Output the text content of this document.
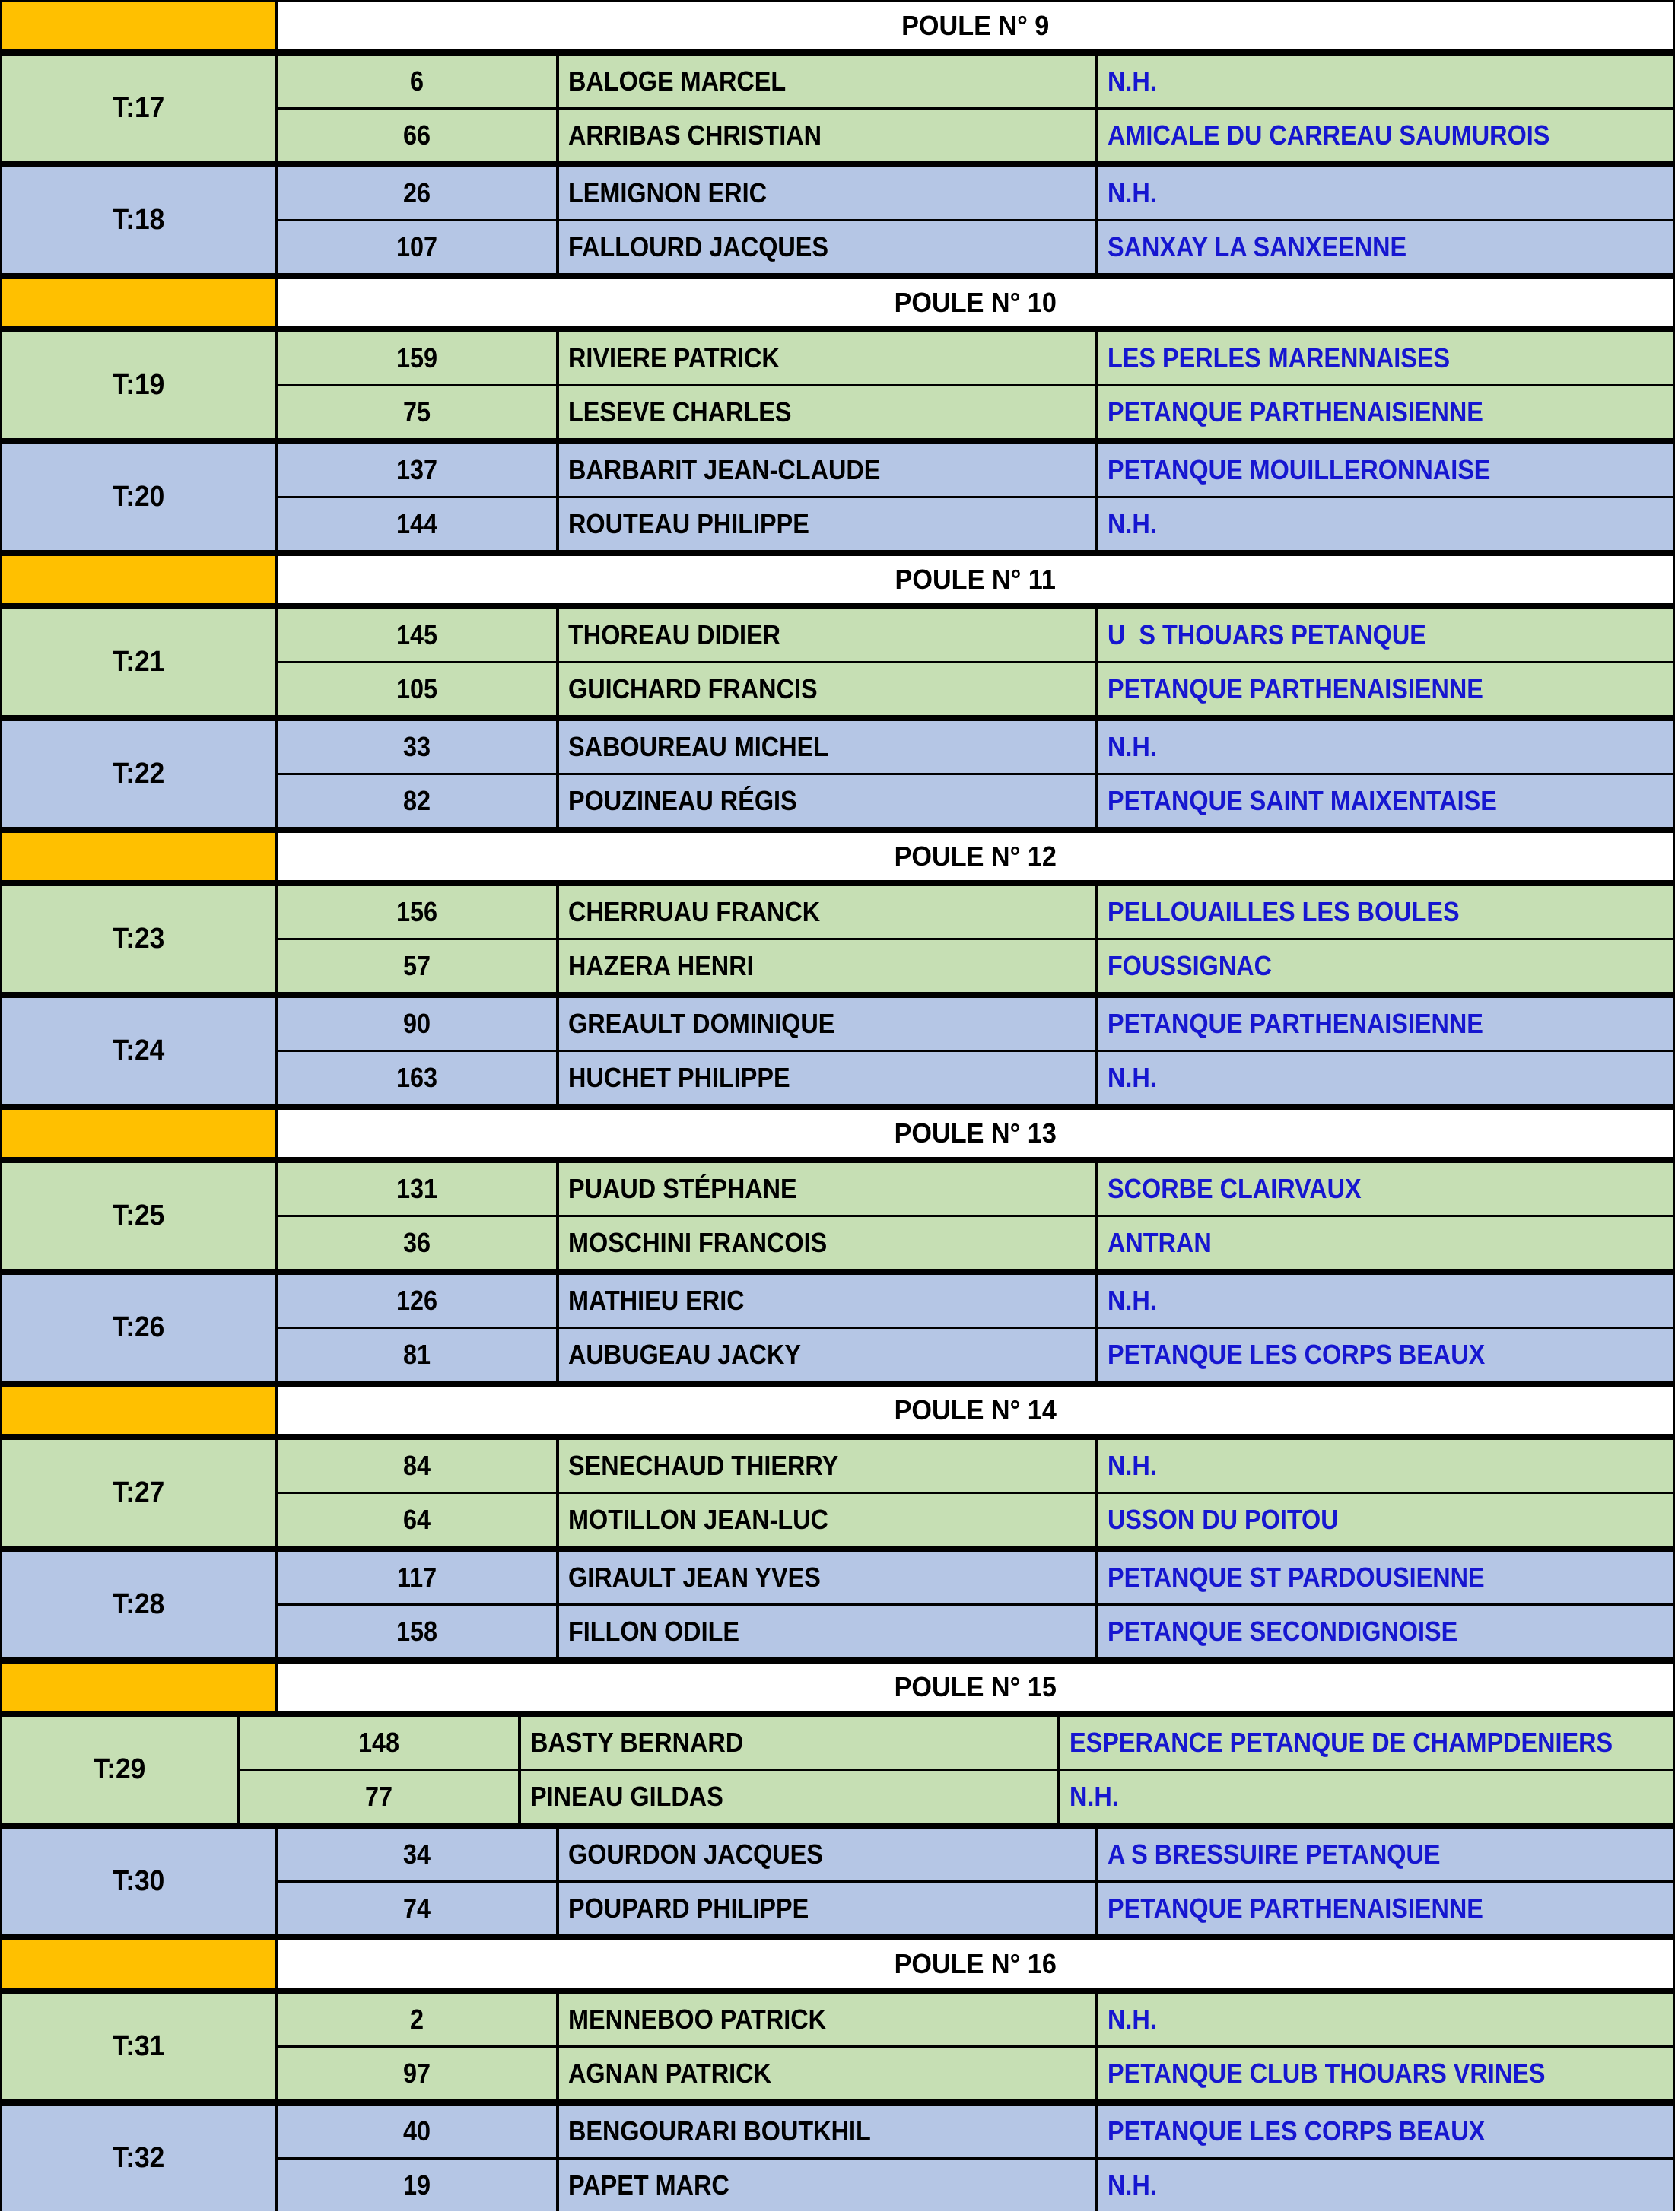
POULE N° 9
T:17
6	BALOGE MARCEL	N.H.
66	ARRIBAS CHRISTIAN	AMICALE DU CARREAU SAUMUROIS
T:18
26	LEMIGNON ERIC	N.H.
107	FALLOURD JACQUES	SANXAY LA SANXEENNE
POULE N° 10
T:19
159	RIVIERE PATRICK	LES PERLES MARENNAISES
75	LESEVE CHARLES	PETANQUE PARTHENAISIENNE
T:20
137	BARBARIT JEAN-CLAUDE	PETANQUE MOUILLERONNAISE
144	ROUTEAU PHILIPPE	N.H.
POULE N° 11
T:21
145	THOREAU DIDIER	U  S THOUARS PETANQUE
105	GUICHARD FRANCIS	PETANQUE PARTHENAISIENNE
T:22
33	SABOUREAU MICHEL	N.H.
82	POUZINEAU RÉGIS	PETANQUE SAINT MAIXENTAISE
POULE N° 12
T:23
156	CHERRUAU FRANCK	PELLOUAILLES LES BOULES
57	HAZERA HENRI	FOUSSIGNAC
T:24
90	GREAULT DOMINIQUE	PETANQUE PARTHENAISIENNE
163	HUCHET PHILIPPE	N.H.
POULE N° 13
T:25
131	PUAUD STÉPHANE	SCORBE CLAIRVAUX
36	MOSCHINI FRANCOIS	ANTRAN
T:26
126	MATHIEU ERIC	N.H.
81	AUBUGEAU JACKY	PETANQUE LES CORPS BEAUX
POULE N° 14
T:27
84	SENECHAUD THIERRY	N.H.
64	MOTILLON JEAN-LUC	USSON DU POITOU
T:28
117	GIRAULT JEAN YVES	PETANQUE ST PARDOUSIENNE
158	FILLON ODILE	PETANQUE SECONDIGNOISE
POULE N° 15
T:29
148	BASTY BERNARD	ESPERANCE PETANQUE DE CHAMPDENIERS
77	PINEAU GILDAS	N.H.
T:30
34	GOURDON JACQUES	A S BRESSUIRE PETANQUE
74	POUPARD PHILIPPE	PETANQUE PARTHENAISIENNE
POULE N° 16
T:31
2	MENNEBOO PATRICK	N.H.
97	AGNAN PATRICK	PETANQUE CLUB THOUARS VRINES
T:32
40	BENGOURARI BOUTKHIL	PETANQUE LES CORPS BEAUX
19	PAPET MARC	N.H.
